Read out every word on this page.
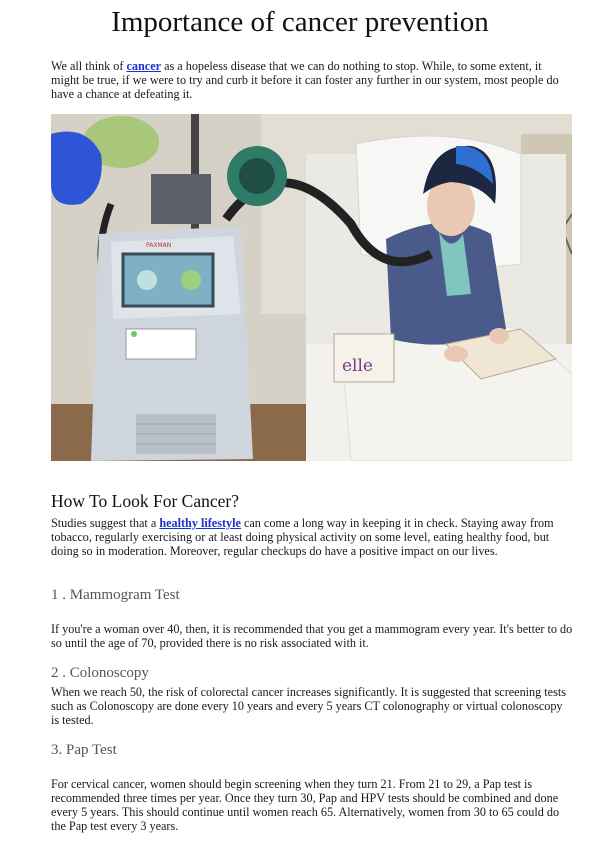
Importance of cancer prevention

We all think of cancer as a hopeless disease that we can do nothing to stop. While, to some extent, it might be true, if we were to try and curb it before it can foster any further in our system, most people do have a chance at defeating it.

elle
PAXMAN
How To Look For Cancer?

Studies suggest that a healthy lifestyle can come a long way in keeping it in check. Staying away from tobacco, regularly exercising or at least doing physical activity on some level, eating healthy food, but doing so in moderation. Moreover, regular checkups do have a positive impact on our lives.

1 . Mammogram Test

If you're a woman over 40, then, it is recommended that you get a mammogram every year. It's better to do so until the age of 70, provided there is no risk associated with it.

2 . Colonoscopy

When we reach 50, the risk of colorectal cancer increases significantly. It is suggested that screening tests such as Colonoscopy are done every 10 years and every 5 years CT colonography or virtual colonoscopy is tested.

3. Pap Test

For cervical cancer, women should begin screening when they turn 21. From 21 to 29, a Pap test is recommended three times per year. Once they turn 30, Pap and HPV tests should be combined and done every 5 years. This should continue until women reach 65. Alternatively, women from 30 to 65 could do the Pap test every 3 years.
